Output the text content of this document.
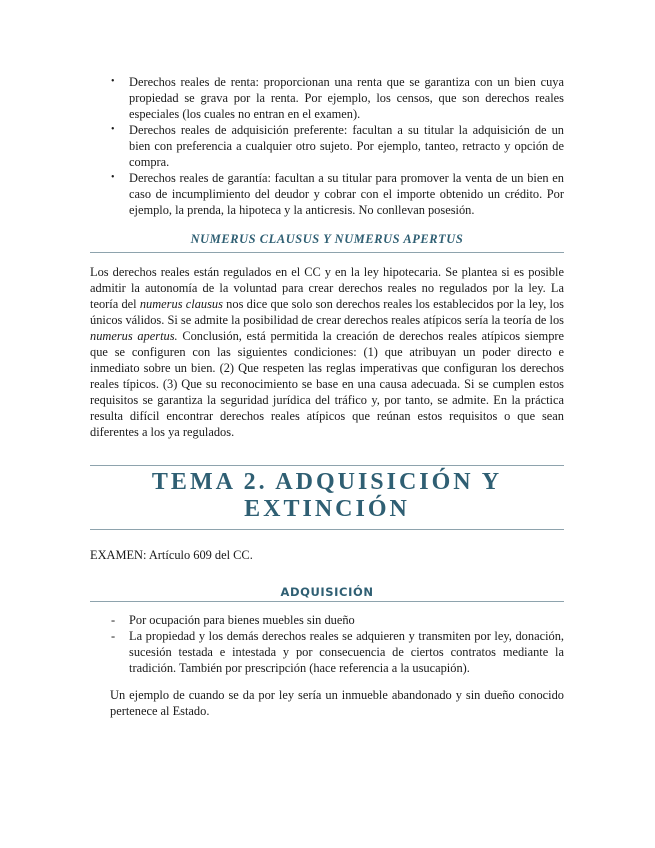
• Derechos reales de renta: proporcionan una renta que se garantiza con un bien cuya propiedad se grava por la renta. Por ejemplo, los censos, que son derechos reales especiales (los cuales no entran en el examen).
• Derechos reales de adquisición preferente: facultan a su titular la adquisición de un bien con preferencia a cualquier otro sujeto. Por ejemplo, tanteo, retracto y opción de compra.
• Derechos reales de garantía: facultan a su titular para promover la venta de un bien en caso de incumplimiento del deudor y cobrar con el importe obtenido un crédito. Por ejemplo, la prenda, la hipoteca y la anticresis. No conllevan posesión.
NUMERUS CLAUSUS Y NUMERUS APERTUS

Los derechos reales están regulados en el CC y en la ley hipotecaria. Se plantea si es posible admitir la autonomía de la voluntad para crear derechos reales no regulados por la ley. La teoría del numerus clausus nos dice que solo son derechos reales los establecidos por la ley, los únicos válidos. Si se admite la posibilidad de crear derechos reales atípicos sería la teoría de los numerus apertus. Conclusión, está permitida la creación de derechos reales atípicos siempre que se configuren con las siguientes condiciones: (1) que atribuyan un poder directo e inmediato sobre un bien. (2) Que respeten las reglas imperativas que configuran los derechos reales típicos. (3) Que su reconocimiento se base en una causa adecuada. Si se cumplen estos requisitos se garantiza la seguridad jurídica del tráfico y, por tanto, se admite. En la práctica resulta difícil encontrar derechos reales atípicos que reúnan estos requisitos o que sean diferentes a los ya regulados.

TEMA 2. ADQUISICIÓN Y
EXTINCIÓN

EXAMEN: Artículo 609 del CC.

ADQUISICIÓN
- Por ocupación para bienes muebles sin dueño
- La propiedad y los demás derechos reales se adquieren y transmiten por ley, donación, sucesión testada e intestada y por consecuencia de ciertos contratos mediante la tradición. También por prescripción (hace referencia a la usucapión).

Un ejemplo de cuando se da por ley sería un inmueble abandonado y sin dueño conocido pertenece al Estado.
